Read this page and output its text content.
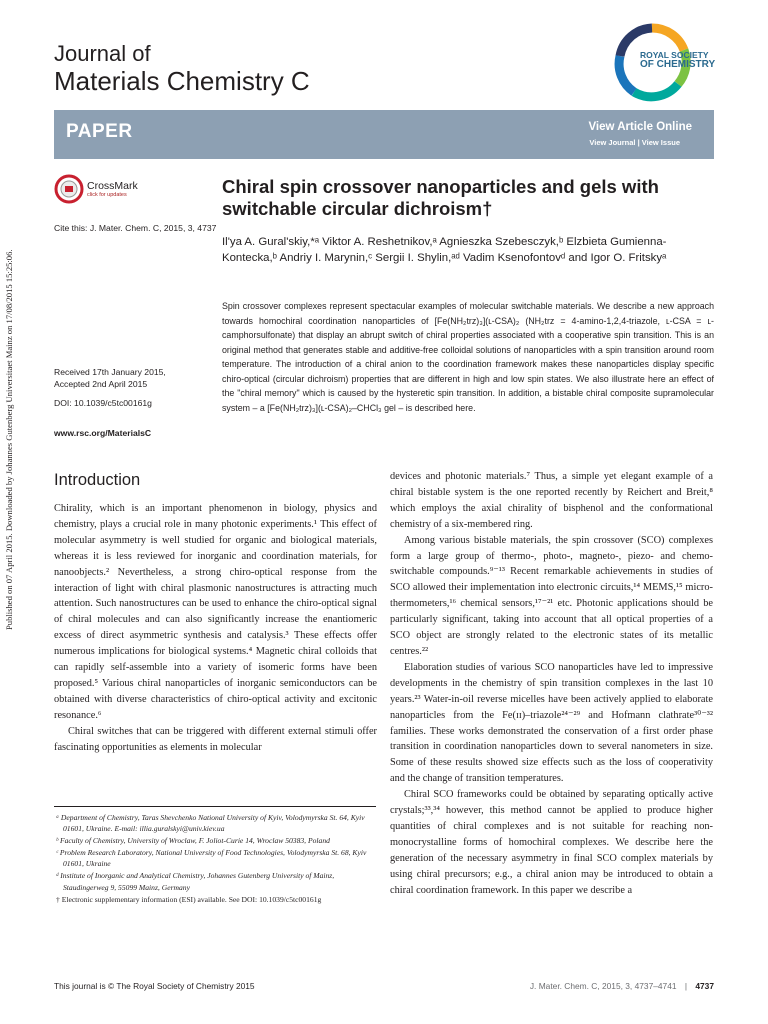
Published on 07 April 2015. Downloaded by Johannes Gutenberg Universitaet Mainz on 17/08/2015 15:25:06.
Journal of
Materials Chemistry C
ROYAL SOCIETY
OF CHEMISTRY
PAPER	View Article Online
View Journal | View Issue
CrossMark
click for updates
Cite this: J. Mater. Chem. C, 2015, 3, 4737
Received 17th January 2015,
Accepted 2nd April 2015
DOI: 10.1039/c5tc00161g
www.rsc.org/MaterialsC
Chiral spin crossover nanoparticles and gels with switchable circular dichroism†
Il'ya A. Gural'skiy,*ᵃ Viktor A. Reshetnikov,ᵃ Agnieszka Szebesczyk,ᵇ Elzbieta Gumienna-Kontecka,ᵇ Andriy I. Marynin,ᶜ Sergii I. Shylin,ᵃᵈ Vadim Ksenofontovᵈ and Igor O. Fritskyᵃ
Spin crossover complexes represent spectacular examples of molecular switchable materials. We describe a new approach towards homochiral coordination nanoparticles of [Fe(NH₂trz)₃](ʟ-CSA)₂ (NH₂trz = 4-amino-1,2,4-triazole, ʟ-CSA = ʟ-camphorsulfonate) that display an abrupt switch of chiral properties associated with a cooperative spin transition. This is an original method that generates stable and additive-free colloidal solutions of nanoparticles with a spin transition around room temperature. The introduction of a chiral anion to the coordination framework makes these nanoparticles display specific chiro-optical (circular dichroism) properties that are different in high and low spin states. We also illustrate here an effect of the "chiral memory" which is caused by the hysteretic spin transition. In addition, a bistable chiral composite supramolecular system – a [Fe(NH₂trz)₃](ʟ-CSA)₂–CHCl₃ gel – is described here.
Introduction

Chirality, which is an important phenomenon in biology, physics and chemistry, plays a crucial role in many photonic experiments.¹ This effect of molecular asymmetry is well studied for organic and biological materials, whereas it is less reviewed for inorganic and coordination materials, for nanoobjects.² Nevertheless, a strong chiro-optical response from the interaction of light with chiral plasmonic nanostructures is attracting much attention. Such nanostructures can be used to enhance the chiro-optical signal of chiral molecules and can also significantly increase the enantiomeric excess of direct asymmetric synthesis and catalysis.³ These effects offer numerous implications for biological systems.⁴ Magnetic chiral colloids that can rapidly self-assemble into a variety of isomeric forms have been proposed.⁵ Various chiral nanoparticles of inorganic semiconductors can be obtained with diverse characteristics of chiro-optical activity and excitonic resonance.⁶

Chiral switches that can be triggered with different external stimuli offer fascinating opportunities as elements in molecular

devices and photonic materials.⁷ Thus, a simple yet elegant example of a chiral bistable system is the one reported recently by Reichert and Breit,⁸ which employs the axial chirality of bisphenol and the conformational chemistry of a six-membered ring.

Among various bistable materials, the spin crossover (SCO) complexes form a large group of thermo-, photo-, magneto-, piezo- and chemo-switchable compounds.⁹⁻¹³ Recent remarkable achievements in studies of SCO allowed their implementation into electronic circuits,¹⁴ MEMS,¹⁵ micro-thermometers,¹⁶ chemical sensors,¹⁷⁻²¹ etc. Photonic applications should be particularly significant, taking into account that all optical properties of a SCO object are strongly related to the electronic states of its metallic centres.²²

Elaboration studies of various SCO nanoparticles have led to impressive developments in the chemistry of spin transition complexes in the last 10 years.²³ Water-in-oil reverse micelles have been actively applied to elaborate nanoparticles from the Fe(ɪɪ)–triazole²⁴⁻²⁹ and Hofmann clathrate³⁰⁻³² families. These works demonstrated the conservation of a first order phase transition in coordination nanoparticles down to several nanometers in size. Some of these results showed size effects such as the loss of cooperativity and the change of transition temperatures.

Chiral SCO frameworks could be obtained by separating optically active crystals;³³,³⁴ however, this method cannot be applied to produce higher quantities of chiral complexes and is not suitable for reaching non-monocrystalline forms of homochiral complexes. We describe here the generation of the necessary asymmetry in final SCO complex materials by using chiral precursors; e.g., a chiral anion may be introduced to obtain a chiral coordination framework. In this paper we describe a

ᵃ Department of Chemistry, Taras Shevchenko National University of Kyiv, Volodymyrska St. 64, Kyiv 01601, Ukraine. E-mail: illia.guralskyi@univ.kiev.ua
ᵇ Faculty of Chemistry, University of Wroclaw, F. Joliot-Curie 14, Wroclaw 50383, Poland
ᶜ Problem Research Laboratory, National University of Food Technologies, Volodymyrska St. 68, Kyiv 01601, Ukraine
ᵈ Institute of Inorganic and Analytical Chemistry, Johannes Gutenberg University of Mainz, Staudingerweg 9, 55099 Mainz, Germany
† Electronic supplementary information (ESI) available. See DOI: 10.1039/c5tc00161g
This journal is © The Royal Society of Chemistry 2015	J. Mater. Chem. C, 2015, 3, 4737–4741 | 4737
